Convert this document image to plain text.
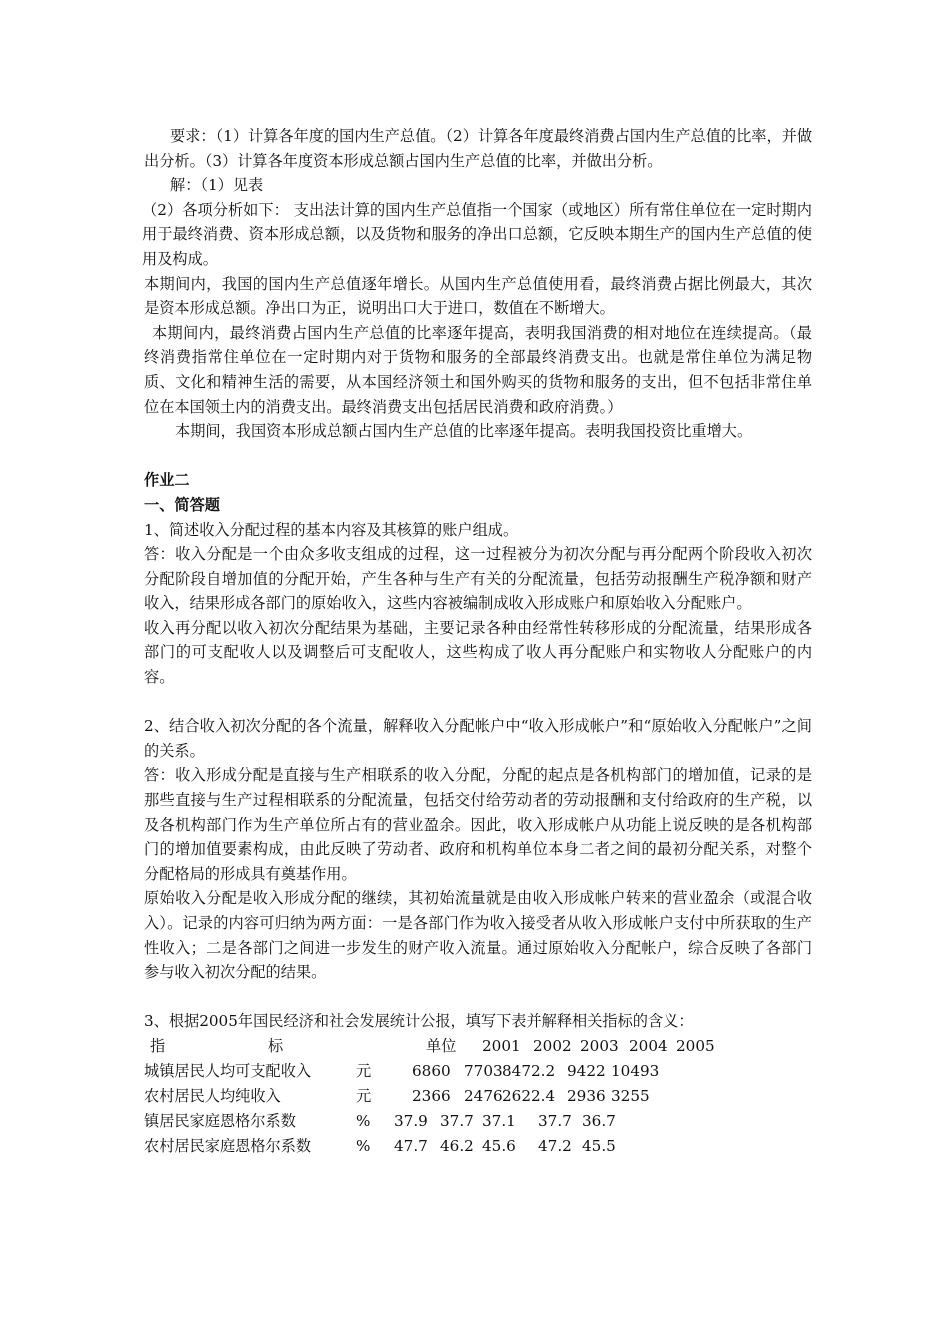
要求：（1）计算各年度的国内生产总值。（2）计算各年度最终消费占国内生产总值的比率，并做出分析。（3）计算各年度资本形成总额占国内生产总值的比率，并做出分析。

解：（1）见表

（2）各项分析如下： 支出法计算的国内生产总值指一个国家（或地区）所有常住单位在一定时期内用于最终消费、资本形成总额，以及货物和服务的净出口总额，它反映本期生产的国内生产总值的使用及构成。

本期间内，我国的国内生产总值逐年增长。从国内生产总值使用看，最终消费占据比例最大，其次是资本形成总额。净出口为正，说明出口大于进口，数值在不断增大。

本期间内，最终消费占国内生产总值的比率逐年提高，表明我国消费的相对地位在连续提高。（最终消费指常住单位在一定时期内对于货物和服务的全部最终消费支出。也就是常住单位为满足物质、文化和精神生活的需要，从本国经济领土和国外购买的货物和服务的支出，但不包括非常住单位在本国领土内的消费支出。最终消费支出包括居民消费和政府消费。）

本期间，我国资本形成总额占国内生产总值的比率逐年提高。表明我国投资比重增大。

作业二

一、简答题

1、简述收入分配过程的基本内容及其核算的账户组成。

答：收入分配是一个由众多收支组成的过程，这一过程被分为初次分配与再分配两个阶段收入初次分配阶段自增加值的分配开始，产生各种与生产有关的分配流量，包括劳动报酬生产税净额和财产收入，结果形成各部门的原始收入，这些内容被编制成收入形成账户和原始收入分配账户。

收入再分配以收入初次分配结果为基础，主要记录各种由经常性转移形成的分配流量，结果形成各部门的可支配收人以及调整后可支配收人，这些构成了收人再分配账户和实物收人分配账户的内容。

2、结合收入初次分配的各个流量，解释收入分配帐户中“收入形成帐户”和“原始收入分配帐户”之间的关系。

答：收入形成分配是直接与生产相联系的收入分配，分配的起点是各机构部门的增加值，记录的是那些直接与生产过程相联系的分配流量，包括交付给劳动者的劳动报酬和支付给政府的生产税，以及各机构部门作为生产单位所占有的营业盈余。因此，收入形成帐户从功能上说反映的是各机构部门的增加值要素构成，由此反映了劳动者、政府和机构单位本身二者之间的最初分配关系，对整个分配格局的形成具有奠基作用。

原始收入分配是收入形成分配的继续，其初始流量就是由收入形成帐户转来的营业盈余（或混合收入）。记录的内容可归纳为两方面：一是各部门作为收入接受者从收入形成帐户支付中所获取的生产性收入；二是各部门之间进一步发生的财产收入流量。通过原始收入分配帐户，综合反映了各部门参与收入初次分配的结果。

3、根据2005年国民经济和社会发展统计公报，填写下表并解释相关指标的含义：

指	标	单位 2001 2002 2003 2004 2005
城镇居民人均可支配收入	元	6860 7703 8472.2 9422 10493
农村居民人均纯收入	元	2366 2476 2622.4 2936 3255
镇居民家庭恩格尔系数	% 37.9 37.7 37.1 37.7 36.7
农村居民家庭恩格尔系数	% 47.7 46.2 45.6 47.2 45.5
